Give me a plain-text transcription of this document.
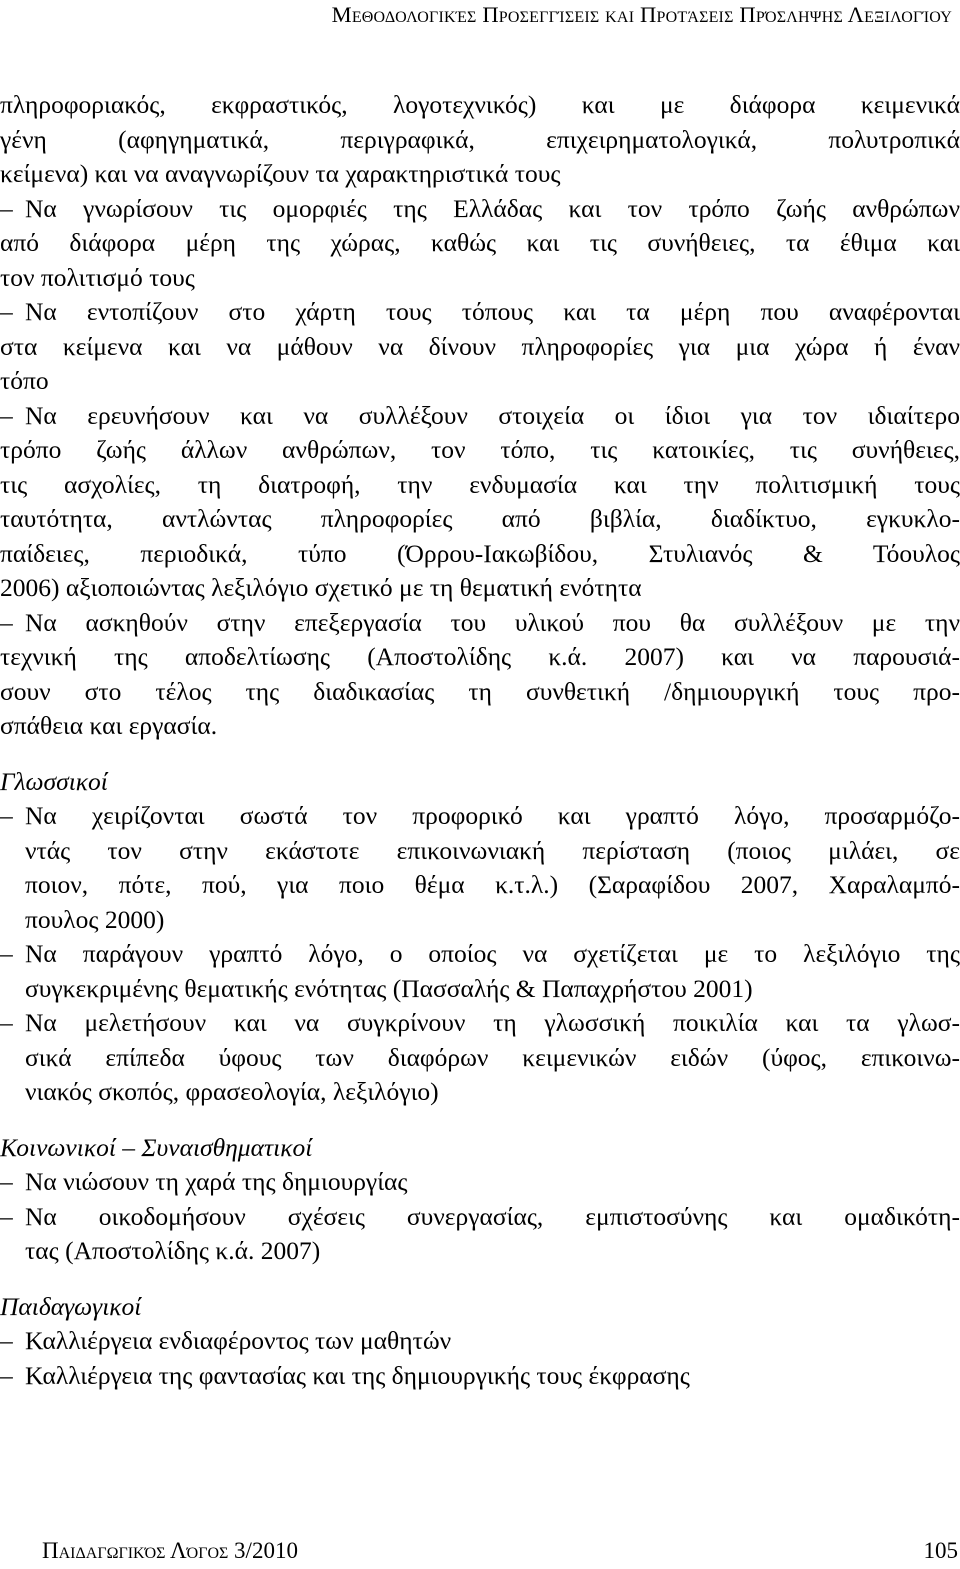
Μεθοδολογικές Προσεγγίσεις και Προτάσεις Πρόσληψης Λεξιλογίου
πληροφοριακός, εκφραστικός, λογοτεχνικός) και με διάφορα κειμενικά
γένη (αφηγηματικά, περιγραφικά, επιχειρηματολογικά, πολυτροπικά
κείμενα) και να αναγνωρίζουν τα χαρακτηριστικά τους
– Να γνωρίσουν τις ομορφιές της Ελλάδας και τον τρόπο ζωής ανθρώπων
από διάφορα μέρη της χώρας, καθώς και τις συνήθειες, τα έθιμα και
τον πολιτισμό τους
– Να εντοπίζουν στο χάρτη τους τόπους και τα μέρη που αναφέρονται
στα κείμενα και να μάθουν να δίνουν πληροφορίες για μια χώρα ή έναν
τόπο
– Να ερευνήσουν και να συλλέξουν στοιχεία οι ίδιοι για τον ιδιαίτερο
τρόπο ζωής άλλων ανθρώπων, τον τόπο, τις κατοικίες, τις συνήθειες,
τις ασχολίες, τη διατροφή, την ενδυμασία και την πολιτισμική τους
ταυτότητα, αντλώντας πληροφορίες από βιβλία, διαδίκτυο, εγκυκλο-
παίδειες, περιοδικά, τύπο (Όρρου-Ιακωβίδου, Στυλιανός & Τόουλος
2006) αξιοποιώντας λεξιλόγιο σχετικό με τη θεματική ενότητα
– Να ασκηθούν στην επεξεργασία του υλικού που θα συλλέξουν με την
τεχνική της αποδελτίωσης (Αποστολίδης κ.ά. 2007) και να παρουσιά-
σουν στο τέλος της διαδικασίας τη συνθετική /δημιουργική τους προ-
σπάθεια και εργασία.
Γλωσσικοί
– Να χειρίζονται σωστά τον προφορικό και γραπτό λόγο, προσαρμόζο-
ντάς τον στην εκάστοτε επικοινωνιακή περίσταση (ποιος μιλάει, σε
ποιον, πότε, πού, για ποιο θέμα κ.τ.λ.) (Σαραφίδου 2007, Χαραλαμπό-
πουλος 2000)
– Να παράγουν γραπτό λόγο, ο οποίος να σχετίζεται με το λεξιλόγιο της
συγκεκριμένης θεματικής ενότητας (Πασσαλής & Παπαχρήστου 2001)
– Να μελετήσουν και να συγκρίνουν τη γλωσσική ποικιλία και τα γλωσ-
σικά επίπεδα ύφους των διαφόρων κειμενικών ειδών (ύφος, επικοινω-
νιακός σκοπός, φρασεολογία, λεξιλόγιο)
Κοινωνικοί – Συναισθηματικοί
– Να νιώσουν τη χαρά της δημιουργίας
– Να οικοδομήσουν σχέσεις συνεργασίας, εμπιστοσύνης και ομαδικότη-
τας (Αποστολίδης κ.ά. 2007)
Παιδαγωγικοί
– Καλλιέργεια ενδιαφέροντος των μαθητών
– Καλλιέργεια της φαντασίας και της δημιουργικής τους έκφρασης
Παιδαγωγικός Λόγος 3/2010	105
